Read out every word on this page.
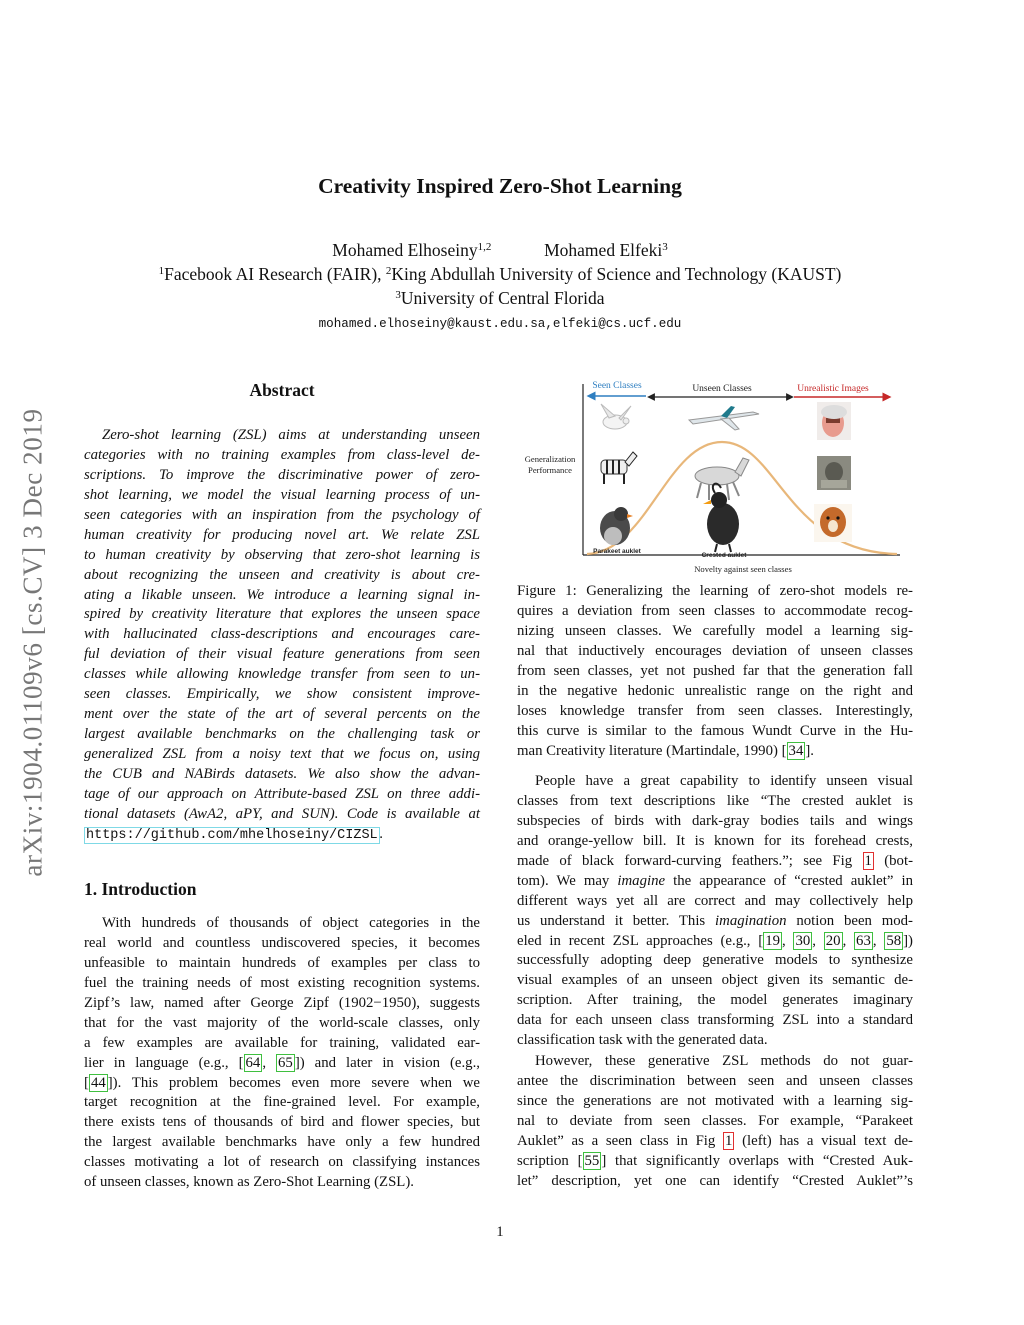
arXiv:1904.01109v6 [cs.CV] 3 Dec 2019
Creativity Inspired Zero-Shot Learning
Mohamed Elhoseiny$^{1,2}$	Mohamed Elfeki$^3$
$^1$Facebook AI Research (FAIR), $^2$King Abdullah University of Science and Technology (KAUST)
$^3$University of Central Florida
mohamed.elhoseiny@kaust.edu.sa,elfeki@cs.ucf.edu
Abstract
Zero-shot learning (ZSL) aims at understanding unseen
categories with no training examples from class-level de-
scriptions. To improve the discriminative power of zero-
shot learning, we model the visual learning process of un-
seen categories with an inspiration from the psychology of
human creativity for producing novel art. We relate ZSL
to human creativity by observing that zero-shot learning is
about recognizing the unseen and creativity is about cre-
ating a likable unseen. We introduce a learning signal in-
spired by creativity literature that explores the unseen space
with hallucinated class-descriptions and encourages care-
ful deviation of their visual feature generations from seen
classes while allowing knowledge transfer from seen to un-
seen classes. Empirically, we show consistent improve-
ment over the state of the art of several percents on the
largest available benchmarks on the challenging task or
generalized ZSL from a noisy text that we focus on, using
the CUB and NABirds datasets. We also show the advan-
tage of our approach on Attribute-based ZSL on three addi-
tional datasets (AwA2, aPY, and SUN). Code is available at
https://github.com/mhelhoseiny/CIZSL .
1. Introduction
With hundreds of thousands of object categories in the
real world and countless undiscovered species, it becomes
unfeasible to maintain hundreds of examples per class to
fuel the training needs of most existing recognition systems.
Zipf’s law, named after George Zipf (1902−1950), suggests
that for the vast majority of the world-scale classes, only
a few examples are available for training, validated ear-
lier in language (e.g., [ 64 , 65 ]) and later in vision (e.g.,
[ 44 ]). This problem becomes even more severe when we
target recognition at the fine-grained level. For example,
there exists tens of thousands of bird and flower species, but
the largest available benchmarks have only a few hundred
classes motivating a lot of research on classifying instances
of unseen classes, known as Zero-Shot Learning (ZSL).
Seen Classes	Unseen Classes	Unrealistic Images
Generalization
Performance
Parakeet auklet
Crested auklet
Novelty against seen classes
Figure 1: Generalizing the learning of zero-shot models re-
quires a deviation from seen classes to accommodate recog-
nizing unseen classes. We carefully model a learning sig-
nal that inductively encourages deviation of unseen classes
from seen classes, yet not pushed far that the generation fall
in the negative hedonic unrealistic range on the right and
loses knowledge transfer from seen classes. Interestingly,
this curve is similar to the famous Wundt Curve in the Hu-
man Creativity literature (Martindale, 1990) [ 34 ].
People have a great capability to identify unseen visual
classes from text descriptions like “The crested auklet is
subspecies of birds with dark-gray bodies tails and wings
and orange-yellow bill. It is known for its forehead crests,
made of black forward-curving feathers.”; see Fig 1 (bot-
tom). We may imagine the appearance of “crested auklet” in
different ways yet all are correct and may collectively help
us understand it better. This imagination notion been mod-
eled in recent ZSL approaches (e.g., [ 19 , 30 , 20 , 63 , 58 ])
successfully adopting deep generative models to synthesize
visual examples of an unseen object given its semantic de-
scription. After training, the model generates imaginary
data for each unseen class transforming ZSL into a standard
classification task with the generated data.
However, these generative ZSL methods do not guar-
antee the discrimination between seen and unseen classes
since the generations are not motivated with a learning sig-
nal to deviate from seen classes. For example, “Parakeet
Auklet” as a seen class in Fig 1 (left) has a visual text de-
scription [ 55 ] that significantly overlaps with “Crested Auk-
let” description, yet one can identify “Crested Auklet”’s
1
